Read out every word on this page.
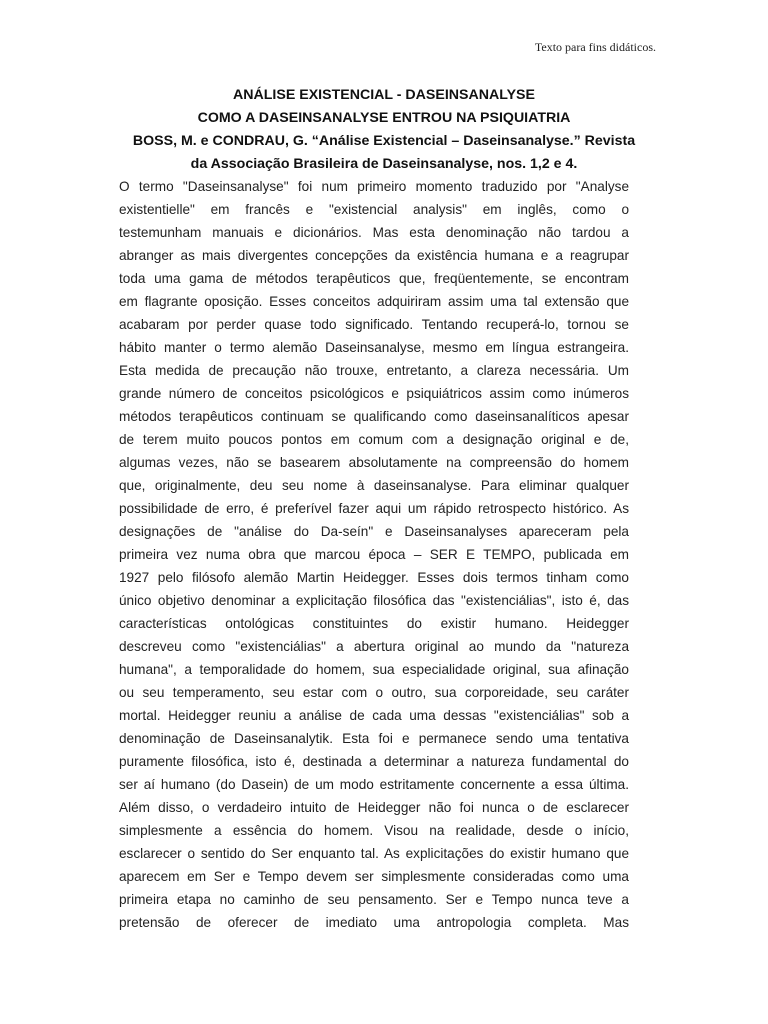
Texto para fins didáticos.
ANÁLISE EXISTENCIAL - DASEINSANALYSE
COMO A DASEINSANALYSE ENTROU NA PSIQUIATRIA
BOSS, M. e CONDRAU, G. “Análise Existencial – Daseinsanalyse.” Revista
da Associação Brasileira de Daseinsanalyse, nos. 1,2 e 4.
O termo "Daseinsanalyse" foi num primeiro momento traduzido por "Analyse
existentielle" em francês e "existencial analysis" em inglês, como o
testemunham manuais e dicionários. Mas esta denominação não tardou a
abranger as mais divergentes concepções da existência humana e a reagrupar
toda uma gama de métodos terapêuticos que, freqüentemente, se encontram
em flagrante oposição. Esses conceitos adquiriram assim uma tal extensão que
acabaram por perder quase todo significado. Tentando recuperá-lo, tornou se
hábito manter o termo alemão Daseinsanalyse, mesmo em língua estrangeira.
Esta medida de precaução não trouxe, entretanto, a clareza necessária. Um
grande número de conceitos psicológicos e psiquiátricos assim como inúmeros
métodos terapêuticos continuam se qualificando como daseinsanalíticos apesar
de terem muito poucos pontos em comum com a designação original e de,
algumas vezes, não se basearem absolutamente na compreensão do homem
que, originalmente, deu seu nome à daseinsanalyse. Para eliminar qualquer
possibilidade de erro, é preferível fazer aqui um rápido retrospecto histórico. As
designações de "análise do Da-seín" e Daseinsanalyses apareceram pela
primeira vez numa obra que marcou época – SER E TEMPO, publicada em
1927 pelo filósofo alemão Martin Heidegger. Esses dois termos tinham como
único objetivo denominar a explicitação filosófica das "existenciálias", isto é, das
características ontológicas constituintes do existir humano. Heidegger
descreveu como "existenciálias" a abertura original ao mundo da "natureza
humana", a temporalidade do homem, sua especialidade original, sua afinação
ou seu temperamento, seu estar com o outro, sua corporeidade, seu caráter
mortal. Heidegger reuniu a análise de cada uma dessas "existenciálias" sob a
denominação de Daseinsanalytik. Esta foi e permanece sendo uma tentativa
puramente filosófica, isto é, destinada a determinar a natureza fundamental do
ser aí humano (do Dasein) de um modo estritamente concernente a essa última.
Além disso, o verdadeiro intuito de Heidegger não foi nunca o de esclarecer
simplesmente a essência do homem. Visou na realidade, desde o início,
esclarecer o sentido do Ser enquanto tal. As explicitações do existir humano que
aparecem em Ser e Tempo devem ser simplesmente consideradas como uma
primeira etapa no caminho de seu pensamento. Ser e Tempo nunca teve a
pretensão de oferecer de imediato uma antropologia completa. Mas
